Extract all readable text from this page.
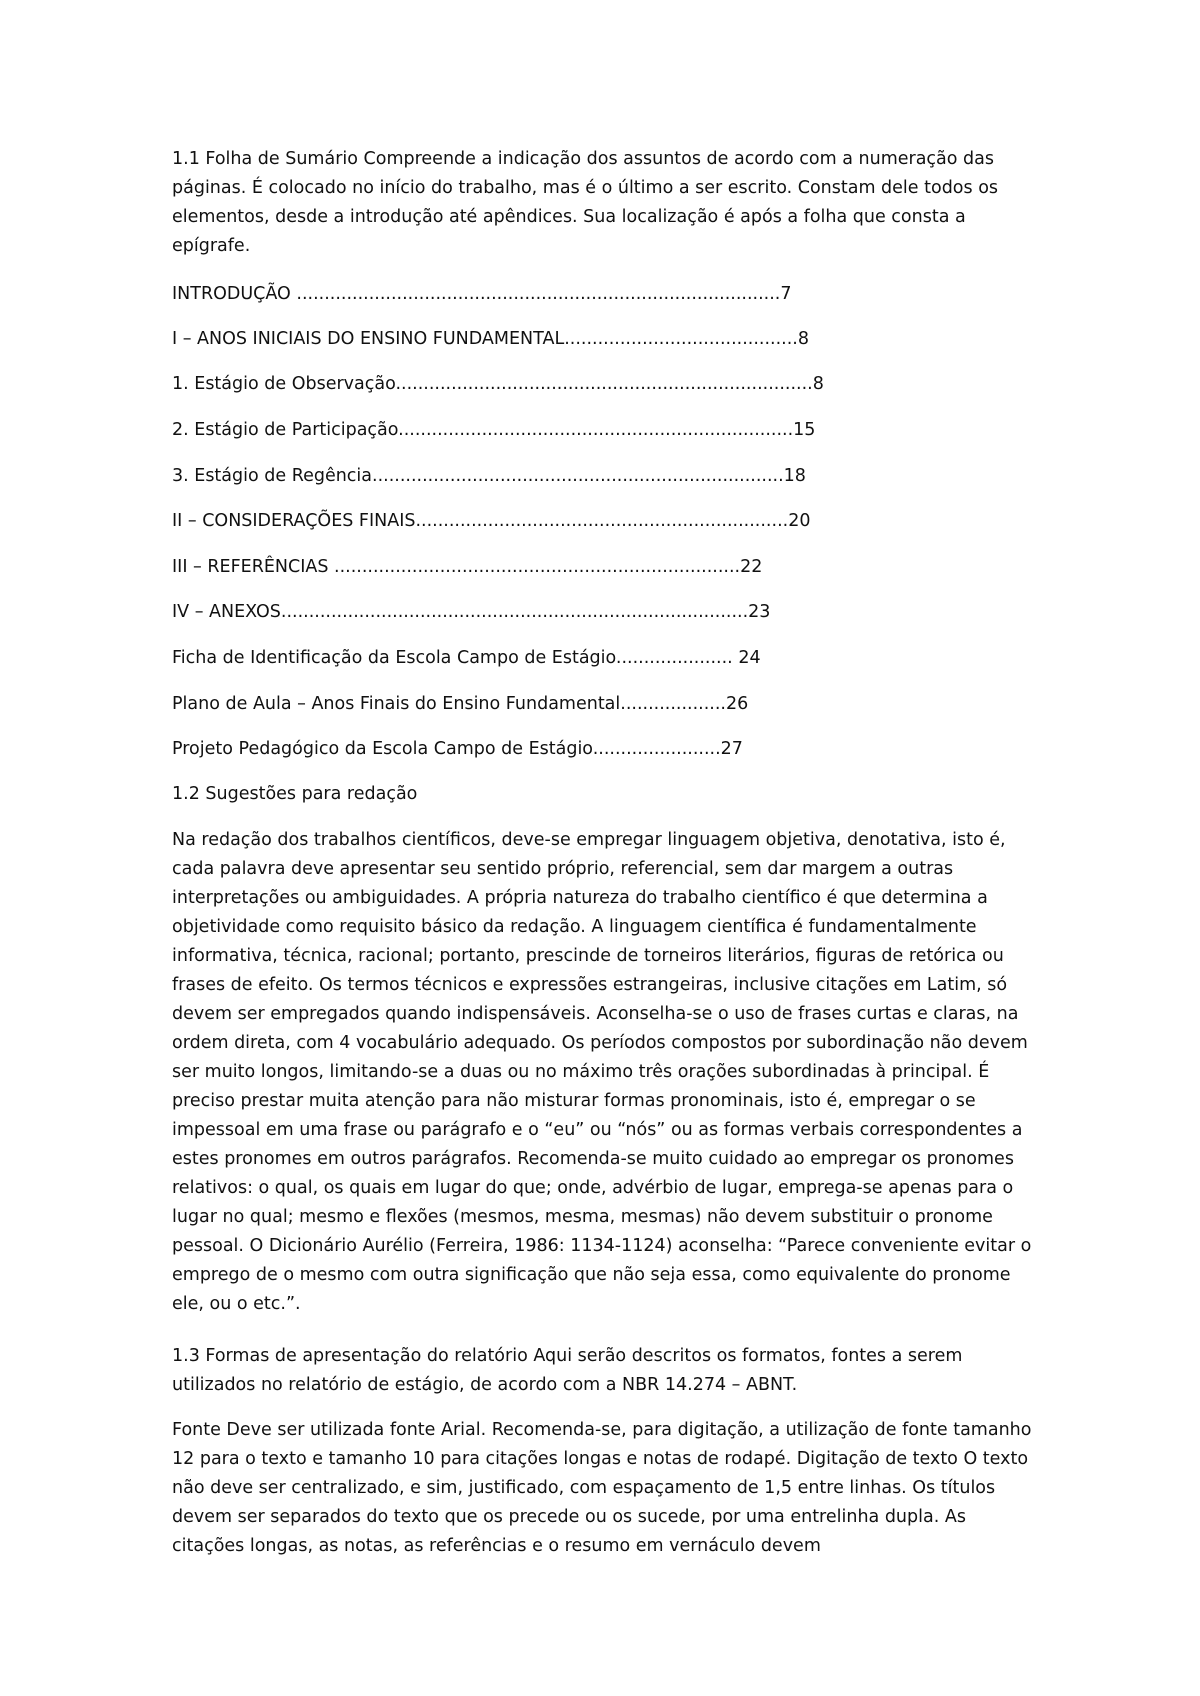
1.1 Folha de Sumário Compreende a indicação dos assuntos de acordo com a numeração das páginas. É colocado no início do trabalho, mas é o último a ser escrito. Constam dele todos os elementos, desde a introdução até apêndices. Sua localização é após a folha que consta a epígrafe.

INTRODUÇÃO .......................................................................................7
I – ANOS INICIAIS DO ENSINO FUNDAMENTAL..........................................8
1. Estágio de Observação...........................................................................8
2. Estágio de Participação.......................................................................15
3. Estágio de Regência..........................................................................18
II – CONSIDERAÇÕES FINAIS...................................................................20
III – REFERÊNCIAS .........................................................................22
IV – ANEXOS....................................................................................23
Ficha de Identificação da Escola Campo de Estágio..................... 24
Plano de Aula – Anos Finais do Ensino Fundamental...................26
Projeto Pedagógico da Escola Campo de Estágio.......................27

1.2 Sugestões para redação

Na redação dos trabalhos científicos, deve-se empregar linguagem objetiva, denotativa, isto é, cada palavra deve apresentar seu sentido próprio, referencial, sem dar margem a outras interpretações ou ambiguidades. A própria natureza do trabalho científico é que determina a objetividade como requisito básico da redação. A linguagem científica é fundamentalmente informativa, técnica, racional; portanto, prescinde de torneiros literários, figuras de retórica ou frases de efeito. Os termos técnicos e expressões estrangeiras, inclusive citações em Latim, só devem ser empregados quando indispensáveis. Aconselha-se o uso de frases curtas e claras, na ordem direta, com 4 vocabulário adequado. Os períodos compostos por subordinação não devem ser muito longos, limitando-se a duas ou no máximo três orações subordinadas à principal. É preciso prestar muita atenção para não misturar formas pronominais, isto é, empregar o se impessoal em uma frase ou parágrafo e o “eu” ou “nós” ou as formas verbais correspondentes a estes pronomes em outros parágrafos. Recomenda-se muito cuidado ao empregar os pronomes relativos: o qual, os quais em lugar do que; onde, advérbio de lugar, emprega-se apenas para o lugar no qual; mesmo e flexões (mesmos, mesma, mesmas) não devem substituir o pronome pessoal. O Dicionário Aurélio (Ferreira, 1986: 1134-1124) aconselha: “Parece conveniente evitar o emprego de o mesmo com outra significação que não seja essa, como equivalente do pronome ele, ou o etc.”.

1.3 Formas de apresentação do relatório Aqui serão descritos os formatos, fontes a serem utilizados no relatório de estágio, de acordo com a NBR 14.274 – ABNT.

Fonte Deve ser utilizada fonte Arial. Recomenda-se, para digitação, a utilização de fonte tamanho 12 para o texto e tamanho 10 para citações longas e notas de rodapé. Digitação de texto O texto não deve ser centralizado, e sim, justificado, com espaçamento de 1,5 entre linhas. Os títulos devem ser separados do texto que os precede ou os sucede, por uma entrelinha dupla. As citações longas, as notas, as referências e o resumo em vernáculo devem
